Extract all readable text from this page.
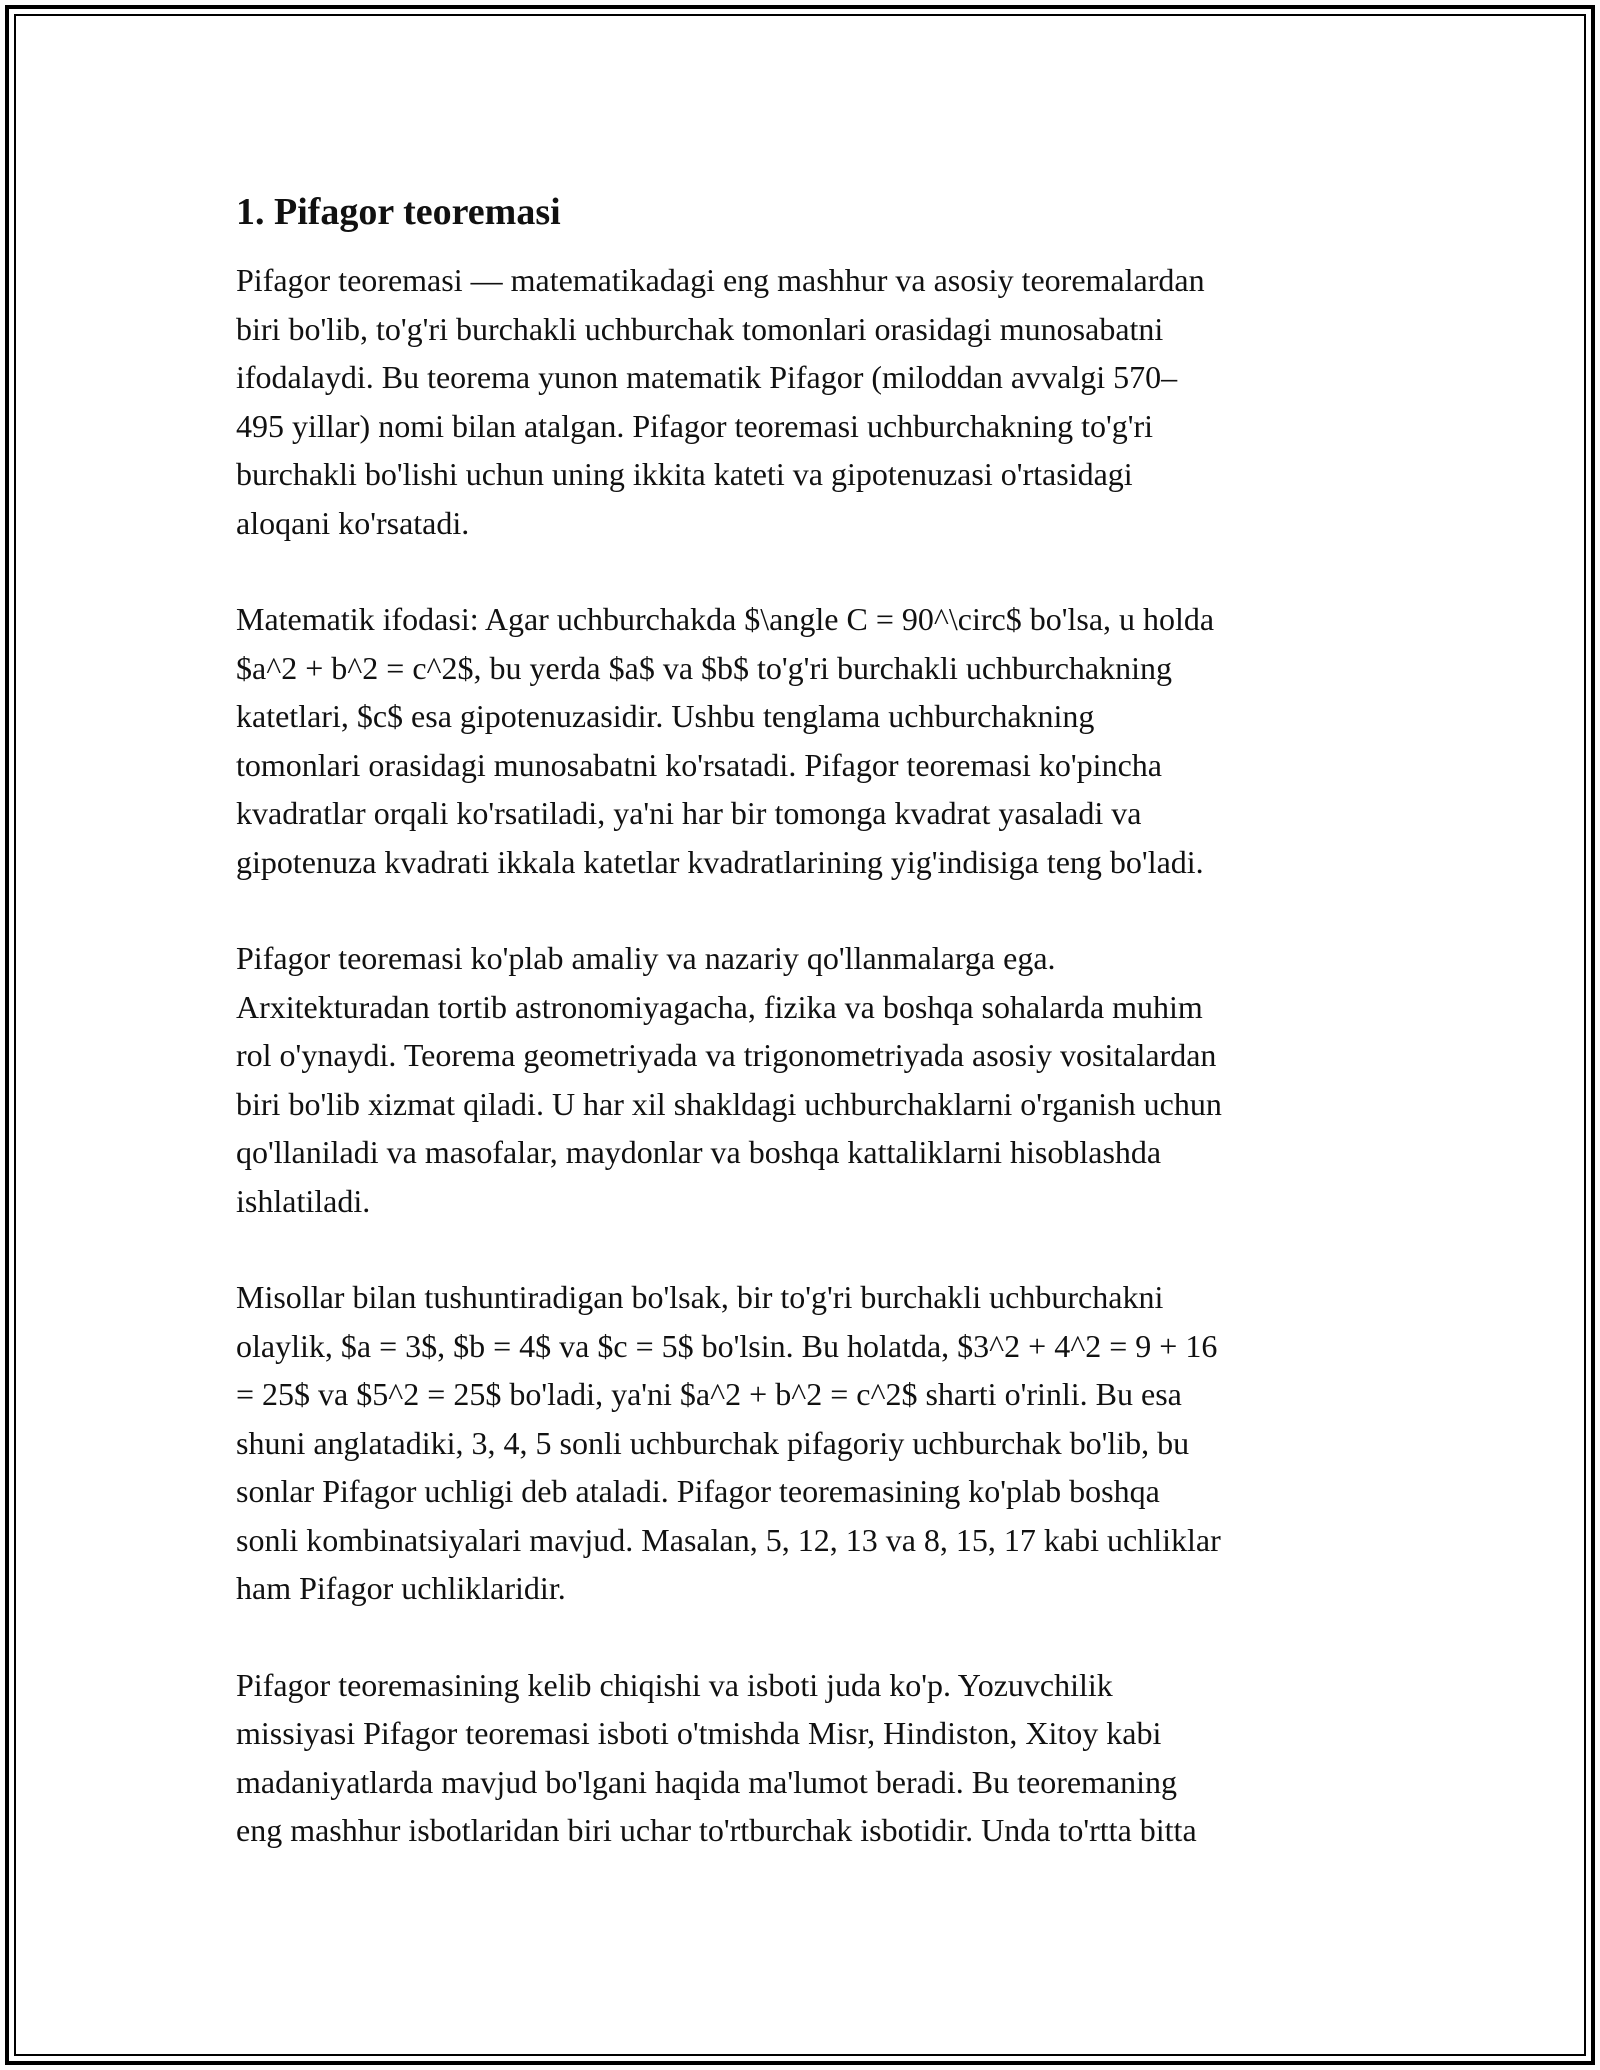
1. Pifagor teoremasi

Pifagor teoremasi — matematikadagi eng mashhur va asosiy teoremalardan
biri bo'lib, to'g'ri burchakli uchburchak tomonlari orasidagi munosabatni
ifodalaydi. Bu teorema yunon matematik Pifagor (miloddan avvalgi 570–
495 yillar) nomi bilan atalgan. Pifagor teoremasi uchburchakning to'g'ri
burchakli bo'lishi uchun uning ikkita kateti va gipotenuzasi o'rtasidagi
aloqani ko'rsatadi.

Matematik ifodasi: Agar uchburchakda $\angle C = 90^\circ$ bo'lsa, u holda
$a^2 + b^2 = c^2$, bu yerda $a$ va $b$ to'g'ri burchakli uchburchakning
katetlari, $c$ esa gipotenuzasidir. Ushbu tenglama uchburchakning
tomonlari orasidagi munosabatni ko'rsatadi. Pifagor teoremasi ko'pincha
kvadratlar orqali ko'rsatiladi, ya'ni har bir tomonga kvadrat yasaladi va
gipotenuza kvadrati ikkala katetlar kvadratlarining yig'indisiga teng bo'ladi.

Pifagor teoremasi ko'plab amaliy va nazariy qo'llanmalarga ega.
Arxitekturadan tortib astronomiyagacha, fizika va boshqa sohalarda muhim
rol o'ynaydi. Teorema geometriyada va trigonometriyada asosiy vositalardan
biri bo'lib xizmat qiladi. U har xil shakldagi uchburchaklarni o'rganish uchun
qo'llaniladi va masofalar, maydonlar va boshqa kattaliklarni hisoblashda
ishlatiladi.

Misollar bilan tushuntiradigan bo'lsak, bir to'g'ri burchakli uchburchakni
olaylik, $a = 3$, $b = 4$ va $c = 5$ bo'lsin. Bu holatda, $3^2 + 4^2 = 9 + 16
= 25$ va $5^2 = 25$ bo'ladi, ya'ni $a^2 + b^2 = c^2$ sharti o'rinli. Bu esa
shuni anglatadiki, 3, 4, 5 sonli uchburchak pifagoriy uchburchak bo'lib, bu
sonlar Pifagor uchligi deb ataladi. Pifagor teoremasining ko'plab boshqa
sonli kombinatsiyalari mavjud. Masalan, 5, 12, 13 va 8, 15, 17 kabi uchliklar
ham Pifagor uchliklaridir.

Pifagor teoremasining kelib chiqishi va isboti juda ko'p. Yozuvchilik
missiyasi Pifagor teoremasi isboti o'tmishda Misr, Hindiston, Xitoy kabi
madaniyatlarda mavjud bo'lgani haqida ma'lumot beradi. Bu teoremaning
eng mashhur isbotlaridan biri uchar to'rtburchak isbotidir. Unda to'rtta bitta
